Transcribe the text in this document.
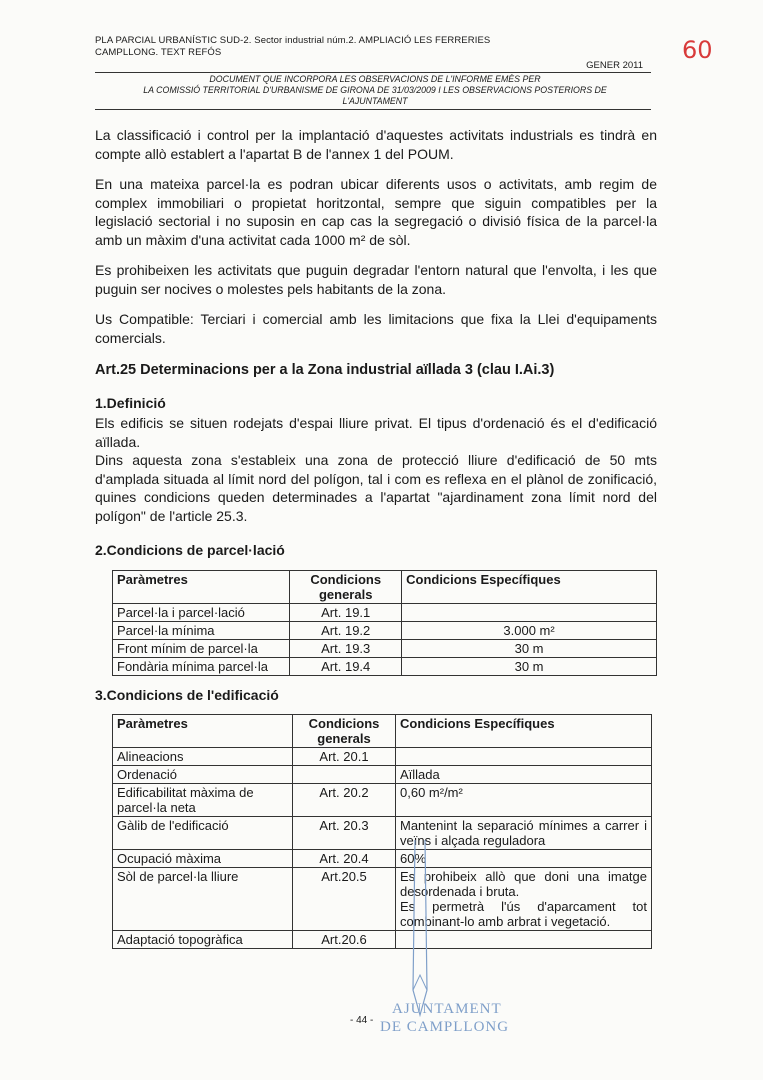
PLA PARCIAL URBANÍSTIC SUD-2. Sector industrial núm.2. AMPLIACIÓ LES FERRERIES
CAMPLLONG. TEXT REFÓS
GENER 2011
DOCUMENT QUE INCORPORA LES OBSERVACIONS DE L'INFORME EMÈS PER
LA COMISSIÓ TERRITORIAL D'URBANISME DE GIRONA DE 31/03/2009 I LES OBSERVACIONS POSTERIORS DE
L'AJUNTAMENT
60

La classificació i control per la implantació d'aquestes activitats industrials es tindrà en compte allò establert a l'apartat B de l'annex 1 del POUM.

En una mateixa parcel·la es podran ubicar diferents usos o activitats, amb regim de complex immobiliari o propietat horitzontal, sempre que siguin compatibles per la legislació sectorial i no suposin en cap cas la segregació o divisió física de la parcel·la amb un màxim d'una activitat cada 1000 m² de sòl.

Es prohibeixen les activitats que puguin degradar l'entorn natural que l'envolta, i les que puguin ser nocives o molestes pels habitants de la zona.

Us Compatible: Terciari i comercial amb les limitacions que fixa la Llei d'equipaments comercials.

Art.25 Determinacions per a la Zona industrial aïllada 3 (clau I.Ai.3)
1.Definició

Els edificis se situen rodejats d'espai lliure privat. El tipus d'ordenació és el d'edificació aïllada.

Dins aquesta zona s'estableix una zona de protecció lliure d'edificació de 50 mts d'amplada situada al límit nord del polígon, tal i com es reflexa en el plànol de zonificació, quines condicions queden determinades a l'apartat "ajardinament zona límit nord del polígon" de l'article 25.3.

2.Condicions de parcel·lació
Paràmetres	Condicions generals	Condicions Específiques
Parcel·la i parcel·lació	Art. 19.1	
Parcel·la mínima	Art. 19.2	3.000 m²
Front mínim de parcel·la	Art. 19.3	30 m
Fondària mínima parcel·la	Art. 19.4	30 m
3.Condicions de l'edificació
Paràmetres	Condicions generals	Condicions Específiques
Alineacions	Art. 20.1	
Ordenació		Aïllada
Edificabilitat màxima de parcel·la neta	Art. 20.2	0,60 m²/m²
Gàlib de l'edificació	Art. 20.3	Mantenint la separació mínimes a carrer i veïns i alçada reguladora
Ocupació màxima	Art. 20.4	60%
Sòl de parcel·la lliure	Art.20.5	Es prohibeix allò que doni una imatge desordenada i bruta.
Es permetrà l'ús d'aparcament tot combinant-lo amb arbrat i vegetació.

Adaptació topogràfica	Art.20.6	
- 44 -
AJUNTAMENT
DE CAMPLLONG
